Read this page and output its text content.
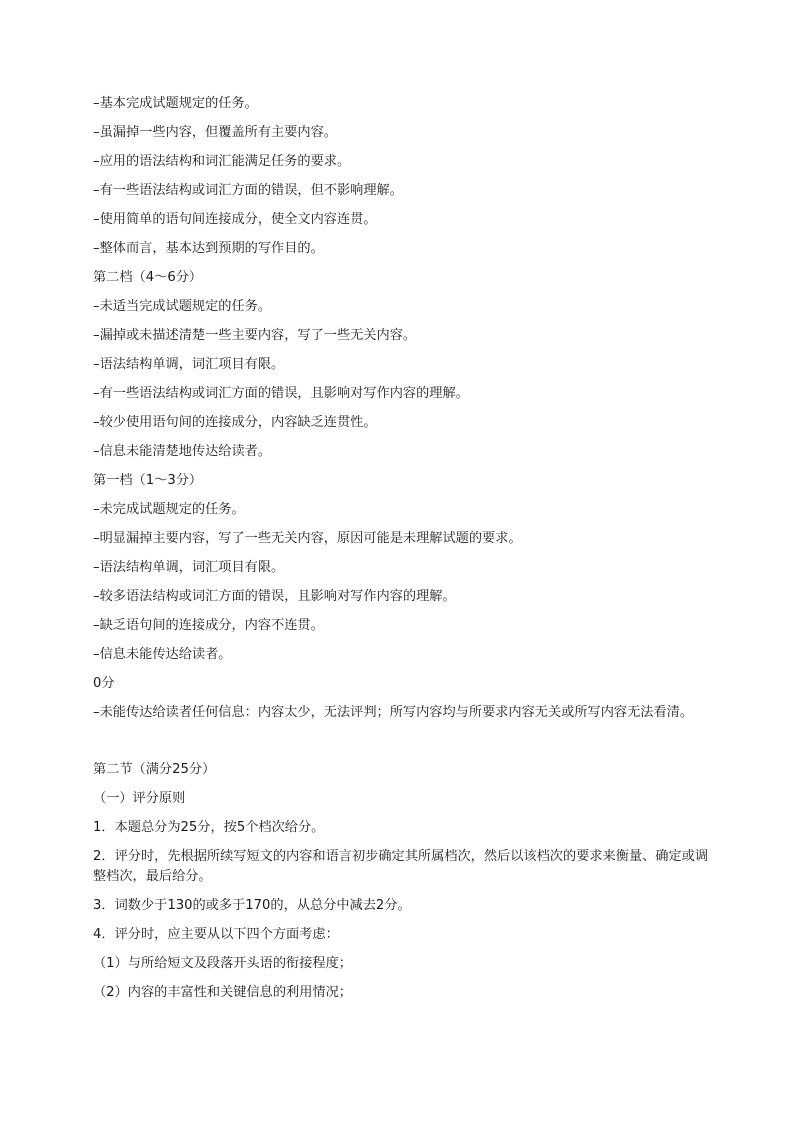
–基本完成试题规定的任务。

–虽漏掉一些内容，但覆盖所有主要内容。

–应用的语法结构和词汇能满足任务的要求。

–有一些语法结构或词汇方面的错误，但不影响理解。

–使用简单的语句间连接成分，使全文内容连贯。

–整体而言，基本达到预期的写作目的。

第二档（4～6分）

–未适当完成试题规定的任务。

–漏掉或未描述清楚一些主要内容，写了一些无关内容。

–语法结构单调，词汇项目有限。

–有一些语法结构或词汇方面的错误，且影响对写作内容的理解。

–较少使用语句间的连接成分，内容缺乏连贯性。

–信息未能清楚地传达给读者。

第一档（1～3分）

–未完成试题规定的任务。

–明显漏掉主要内容，写了一些无关内容，原因可能是未理解试题的要求。

–语法结构单调，词汇项目有限。

–较多语法结构或词汇方面的错误，且影响对写作内容的理解。

–缺乏语句间的连接成分，内容不连贯。

–信息未能传达给读者。

0分

–未能传达给读者任何信息：内容太少，无法评判；所写内容均与所要求内容无关或所写内容无法看清。

第二节（满分25分）

（一）评分原则

1．本题总分为25分，按5个档次给分。

2．评分时，先根据所续写短文的内容和语言初步确定其所属档次，然后以该档次的要求来衡量、确定或调整档次，最后给分。

3．词数少于130的或多于170的，从总分中减去2分。

4．评分时，应主要从以下四个方面考虑：

（1）与所给短文及段落开头语的衔接程度；

（2）内容的丰富性和关键信息的利用情况；
